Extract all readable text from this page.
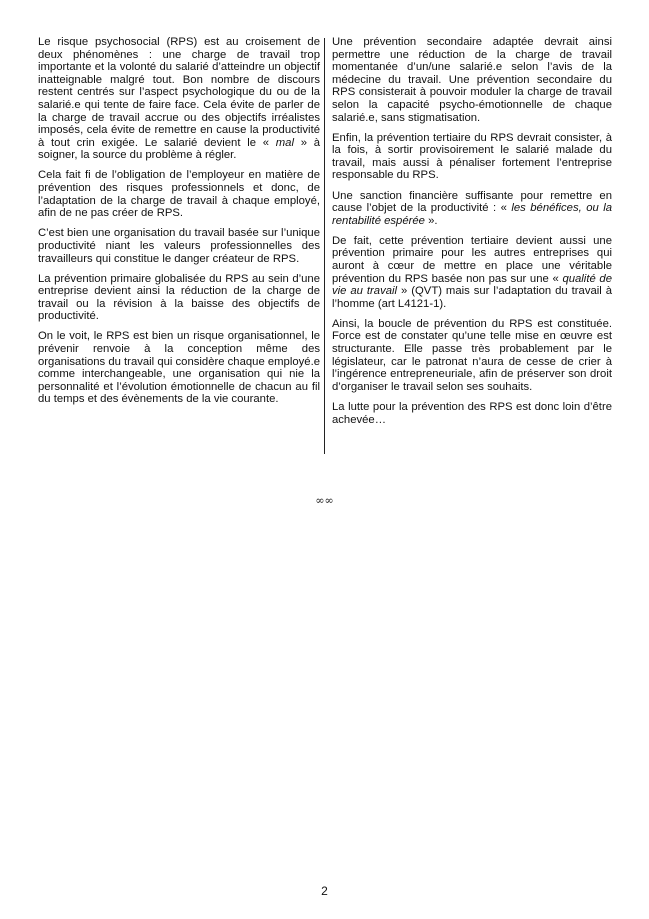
Le risque psychosocial (RPS) est au croisement de deux phénomènes : une charge de travail trop importante et la volonté du salarié d’atteindre un objectif inatteignable malgré tout. Bon nombre de discours restent centrés sur l’aspect psychologique du ou de la salarié.e qui tente de faire face. Cela évite de parler de la charge de travail accrue ou des objectifs irréalistes imposés, cela évite de remettre en cause la productivité à tout crin exigée. Le salarié devient le « mal » à soigner, la source du problème à régler.

Cela fait fi de l’obligation de l’employeur en matière de prévention des risques professionnels et donc, de l’adaptation de la charge de travail à chaque employé, afin de ne pas créer de RPS.

C’est bien une organisation du travail basée sur l’unique productivité niant les valeurs professionnelles des travailleurs qui constitue le danger créateur de RPS.

La prévention primaire globalisée du RPS au sein d’une entreprise devient ainsi la réduction de la charge de travail ou la révision à la baisse des objectifs de productivité.

On le voit, le RPS est bien un risque organisationnel, le prévenir renvoie à la conception même des organisations du travail qui considère chaque employé.e comme interchangeable, une organisation qui nie la personnalité et l’évolution émotionnelle de chacun au fil du temps et des évènements de la vie courante.

Une prévention secondaire adaptée devrait ainsi permettre une réduction de la charge de travail momentanée d’un/une salarié.e selon l’avis de la médecine du travail. Une prévention secondaire du RPS consisterait à pouvoir moduler la charge de travail selon la capacité psycho-émotionnelle de chaque salarié.e, sans stigmatisation.

Enfin, la prévention tertiaire du RPS devrait consister, à la fois, à sortir provisoirement le salarié malade du travail, mais aussi à pénaliser fortement l’entreprise responsable du RPS.

Une sanction financière suffisante pour remettre en cause l’objet de la productivité : « les bénéfices, ou la rentabilité espérée ».

De fait, cette prévention tertiaire devient aussi une prévention primaire pour les autres entreprises qui auront à cœur de mettre en place une véritable prévention du RPS basée non pas sur une « qualité de vie au travail » (QVT) mais sur l’adaptation du travail à l’homme (art L4121-1).

Ainsi, la boucle de prévention du RPS est constituée. Force est de constater qu’une telle mise en œuvre est structurante. Elle passe très probablement par le législateur, car le patronat n’aura de cesse de crier à l’ingérence entrepreneuriale, afin de préserver son droit d’organiser le travail selon ses souhaits.

La lutte pour la prévention des RPS est donc loin d’être achevée…

∞∞
2
